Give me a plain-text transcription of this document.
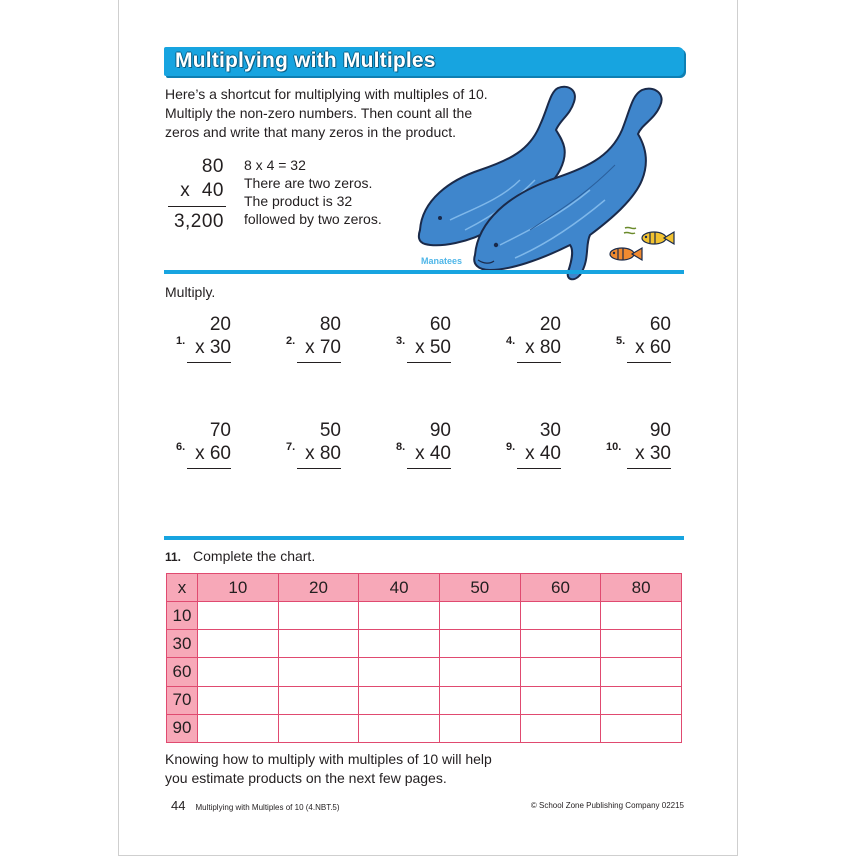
Multiplying with Multiples
Here’s a shortcut for multiplying with multiples of 10.
Multiply the non-zero numbers. Then count all the
zeros and write that many zeros in the product.
80
x  40
3,200
8 x 4 = 32
There are two zeros.
The product is 32
followed by two zeros.
Manatees
Multiply.
1.
20
x 30	2.
80
x 70	3.
60
x 50	4.
20
x 80	5.
60
x 60
6.
70
x 60	7.
50
x 80	8.
90
x 40	9.
30
x 40	10.
90
x 30
11. Complete the chart.
x	10	20	40	50	60	80
10						
30						
60						
70						
90						
Knowing how to multiply with multiples of 10 will help
you estimate products on the next few pages.
44 Multiplying with Multiples of 10 (4.NBT.5)	© School Zone Publishing Company 02215
